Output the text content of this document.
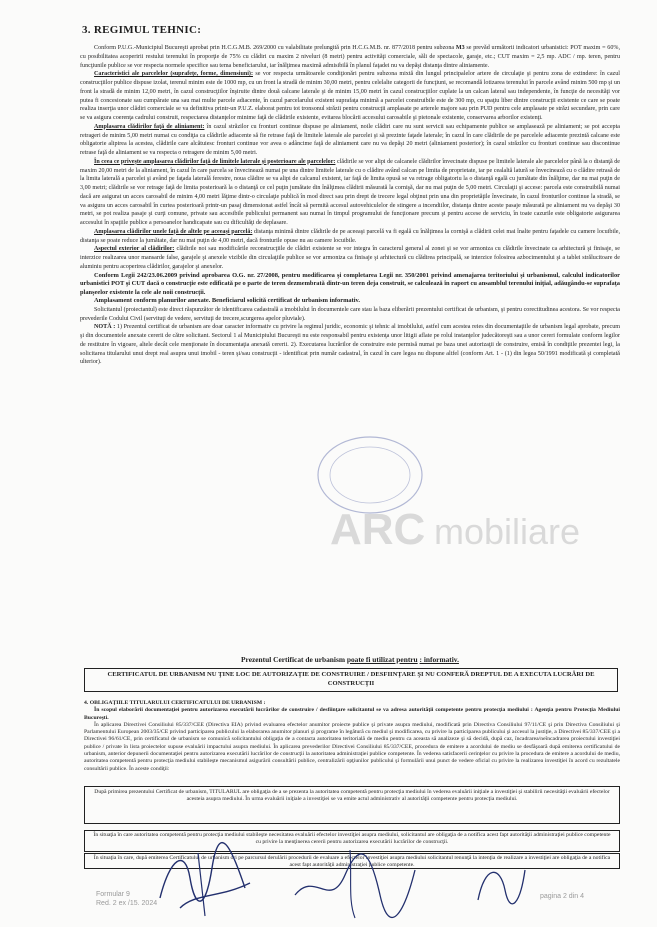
3. REGIMUL TEHNIC:

Conform P.U.G.-Municipiul Bucureşti aprobat prin H.C.G.M.B. 269/2000 cu valabilitate prelungită prin H.C.G.M.B. nr. 877/2018 pentru subzona M3 se prevăd următorii indicatori urbanistici: POT maxim = 60%, cu posibilitatea acoperirii restului terenului în proporţie de 75% cu clădiri cu maxim 2 niveluri (8 metri) pentru activităţi comerciale, săli de spectacole, garaje, etc.; CUT maxim = 2,5 mp. ADC / mp. teren, pentru funcţiunile publice se vor respecta normele specifice sau tema beneficiarului, iar înălţimea maximă admisibilă în planul faţadei nu va depăşi distanţa dintre aliniamente.

Caracteristici ale parcelelor (suprafeţe, forme, dimensiuni): se vor respecta următoarele condiţionări pentru subzona mixtă din lungul principalelor artere de circulaţie şi pentru zona de extindere: în cazul construcţiilor publice dispuse izolat, terenul minim este de 1000 mp, cu un front la stradă de minim 30,00 metri, pentru celelalte categorii de funcţiuni, se recomandă lotizarea terenului în parcele având minim 500 mp şi un front la stradă de minim 12,00 metri, în cazul construcţiilor înşiruite dintre două calcane laterale şi de minim 15,00 metri în cazul construcţiilor cuplate la un calcan lateral sau independente, în funcţie de necesităţi vor putea fi concesionate sau cumpărate una sau mai multe parcele adiacente, în cazul parcelarului existent suprafaţa minimă a parcelei construibile este de 300 mp, cu spaţiu liber dintre construcţii existente ce care se poate realiza inserţia unor clădiri comerciale se va definitiva printr-un P.U.Z. elaborat pentru tot tronsonul străzii pentru construcţii amplasate pe arterele majore sau prin PUD pentru cele amplasate pe străzi secundare, prin care se va asigura coerenţa cadrului construit, respectarea distanţelor minime faţă de clădirile existente, evitarea blocării accesului carosabile şi pietonale existente, conservarea arborilor existenţi.

Amplasarea clădirilor faţă de aliniament: în cazul străzilor cu fronturi continue dispuse pe aliniament, noile clădiri care nu sunt servicii sau echipamente publice se amplasează pe aliniament; se pot accepta retrageri de minim 5,00 metri numai cu condiţia ca clădirile adiacente să fie retrase faţă de limitele laterale ale parcelei şi să prezinte faţade laterale; în cazul în care clădirile de pe parcelele adiacente prezintă calcane este obligatorie alipirea la acestea, clădirile care alcătuiesc fronturi continue vor avea o adâncime faţă de aliniament care nu va depăşi 20 metri (aliniament posterior); în cazul străzilor cu fronturi continue sau discontinue retrase faţă de aliniament se va respecta o retragere de minim 5,00 metri.

În ceea ce priveşte amplasarea clădirilor faţă de limitele laterale şi posterioare ale parcelelor: clădirile se vor alipi de calcanele clădirilor învecinate dispuse pe limitele laterale ale parcelelor până la o distanţă de maxim 20,00 metri de la aliniament, în cazul în care parcela se învecinează numai pe una dintre limitele laterale cu o clădire având calcan pe limita de proprietate, iar pe cealaltă latură se învecinează cu o clădire retrasă de la limita laterală a parcelei şi având pe faţada laterală ferestre, noua clădire se va alipi de calcanul existent, iar faţă de limita opusă se va retrage obligatoriu la o distanţă egală cu jumătate din înălţime, dar nu mai puţin de 3,00 metri; clădirile se vor retrage faţă de limita posterioară la o distanţă ce cel puţin jumătate din înălţimea clădirii măsurată la cornişă, dar nu mai puţin de 5,00 metri. Circulaţii şi accese: parcela este construibilă numai dacă are asigurat un acces carosabil de minim 4,00 metri lăţime dintr-o circulaţie publică în mod direct sau prin drept de trecere legal obţinut prin una din proprietăţile învecinate, în cazul fronturilor continue la stradă, se va asigura un acces carosabil în curtea posterioară printr-un pasaj dimensionat astfel încât să permită accesul autovehiculelor de stingere a incendiilor, distanţa dintre aceste pasaje măsurată pe aliniament nu va depăşi 30 metri, se pot realiza pasaje şi curţi comune, private sau accesibile publicului permanent sau numai în timpul programului de funcţionare precum şi pentru accese de serviciu, în toate cazurile este obligatorie asigurarea accesului în spaţiile publice a persoanelor handicapate sau cu dificultăţi de deplasare.

Amplasarea clădirilor unele faţă de altele pe aceeaşi parcelă: distanţa minimă dintre clădirile de pe aceeaşi parcelă va fi egală cu înălţimea la cornişă a clădirii celei mai înalte pentru faţadele cu camere locuibile, distanţa se poate reduce la jumătate, dar nu mai puţin de 4,00 metri, dacă fronturile opuse nu au camere locuibile.

Aspectul exterior al clădirilor: clădirile noi sau modificările reconstrucţiile de clădiri existente se vor integra în caracterul general al zonei şi se vor armoniza cu clădirile învecinate ca arhitectură şi finisaje, se interzice realizarea unor mansarde false, garajele şi anexele vizibile din circulaţiile publice se vor armoniza ca finisaje şi arhitectură cu clădirea principală, se interzice folosirea azbocimentului şi a tablei strălucitoare de aluminiu pentru acoperirea clădirilor, garajelor şi anexelor.

Conform Legii 242/23.06.2009 privind aprobarea O.G. nr. 27/2008, pentru modificarea şi completarea Legii nr. 350/2001 privind amenajarea teritoriului şi urbanismul, calculul indicatorilor urbanistici POT şi CUT dacă o construcţie este edificată pe o parte de teren dezmembrată dintr-un teren deja construit, se calculează în raport cu ansamblul terenului iniţial, adăugându-se suprafaţa planşeelor existente la cele ale noii construcţii.

Amplasament conform planurilor anexate. Beneficiarul solicită certificat de urbanism informativ.

Solicitantul (proiectantul) este direct răspunzător de identificarea cadastrală a imobilului în documentele care stau la baza eliberării prezentului certificat de urbanism, şi pentru corectitudinea acestora. Se vor respecta prevederile Codului Civil (servituţi de vedere, servituţi de trecere,scurgerea apelor pluviale).

NOTĂ : 1) Prezentul certificat de urbanism are doar caracter informativ cu privire la regimul juridic, economic şi tehnic al imobilului, astfel cum acestea reies din documentaţiile de urbanism legal aprobate, precum şi din documentele anexate cererii de către solicitant. Sectorul 1 al Municipiului Bucureşti nu este responsabil pentru existenţa unor litigii aflate pe rolul instanţelor judecătoreşti sau a unor cereri formulate conform legilor de restituire în vigoare, altele decât cele menţionate în documentaţia anexată cererii. 2). Executarea lucrărilor de construire este permisă numai pe baza unei autorizaţii de construire, emisă în condiţiile prezentei legi, la solicitarea titularului unui drept real asupra unui imobil - teren şi/sau construcţii - identificat prin număr cadastral, în cazul în care legea nu dispune altfel (conform Art. 1 - (1) din legea 50/1991 modificată şi completată ulterior).

Prezentul Certificat de urbanism poate fi utilizat pentru : informativ.
CERTIFICATUL DE URBANISM NU ŢINE LOC DE AUTORIZAŢIE DE CONSTRUIRE / DESFIINŢARE ŞI NU CONFERĂ DREPTUL DE A EXECUTA LUCRĂRI DE CONSTRUCŢII

4. OBLIGAŢIILE TITULARULUI CERTIFICATULUI DE URBANISM :

În scopul elaborării documentaţiei pentru autorizarea executării lucrărilor de construire / desfiinţare solicitantul se va adresa autorităţii competente pentru protecţia mediului : Agenţia pentru Protecţia Mediului Bucureşti.

În aplicarea Directivei Consiliului 85/337/CEE (Directiva EIA) privind evaluarea efectelor anumitor proiecte publice şi private asupra mediului, modificată prin Directiva Consiliului 97/11/CE şi prin Directiva Consiliului şi Parlamentului European 2003/35/CE privind participarea publicului la elaborarea anumitor planuri şi programe în legătură cu mediul şi modificarea, cu privire la participarea publicului şi accesul la justiţie, a Directivei 85/337/CEE şi a Directivei 96/61/CE, prin certificatul de urbanism se comunică solicitantului obligaţia de a contacta autoritatea teritorială de mediu pentru ca aceasta să analizeze şi să decidă, după caz, încadrarea/neîncadrarea proiectului investiţiei publice / private în lista proiectelor supuse evaluării impactului asupra mediului. În aplicarea prevederilor Directivei Consiliului 85/337/CEE, procedura de emitere a acordului de mediu se desfăşoară după emiterea certificatului de urbanism, anterior depunerii documentaţiei pentru autorizarea executării lucrărilor de construcţii la autoritatea administraţiei publice competente. În vederea satisfacerii cerinţelor cu privire la procedura de emitere a acordului de mediu, autoritatea competentă pentru protecţia mediului stabileşte mecanismul asigurării consultării publice, centralizării opţiunilor publicului şi formulării unui punct de vedere oficial cu privire la realizarea investiţiei în acord cu rezultatele consultării publice. În aceste condiţii:

După primirea prezentului Certificat de urbanism, TITULARUL are obligaţia de a se prezenta la autoritatea competentă pentru protecţia mediului în vederea evaluării iniţiale a investiţiei şi stabilirii necesităţii evaluării efectelor acesteia asupra mediului. În urma evaluării iniţiale a investiţiei se va emite actul administrativ al autorităţii competente pentru protecţia mediului.
În situaţia în care autoritatea competentă pentru protecţia mediului stabileşte necesitatea evaluării efectelor investiţiei asupra mediului, solicitantul are obligaţia de a notifica acest fapt autorităţii administraţiei publice competente cu privire la menţinerea cererii pentru autorizarea executării lucrărilor de construcţii.
În situaţia în care, după emiterea Certificatului de urbanism ori pe parcursul derulării procedurii de evaluare a efectelor investiţiei asupra mediului solicitantul renunţă la intenţia de realizare a investiţiei are obligaţia de a notifica acest fapt autorităţii administraţiei publice competente.
Formular 9
Red. 2 ex /15. 2024
pagina 2 din 4
ARC mobiliare
